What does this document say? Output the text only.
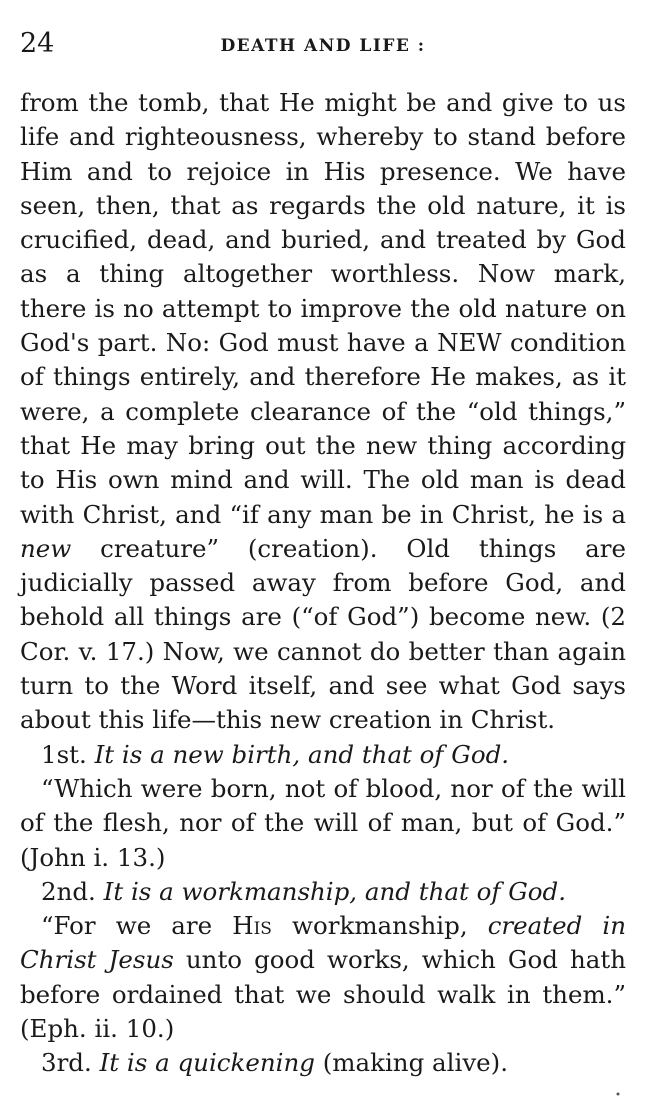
24	DEATH AND LIFE :

from the tomb, that He might be and give to us life and righteousness, whereby to stand before Him and to rejoice in His presence. We have seen, then, that as regards the old nature, it is crucified, dead, and buried, and treated by God as a thing altogether worthless. Now mark, there is no attempt to improve the old nature on God's part. No: God must have a NEW condition of things entirely, and therefore He makes, as it were, a complete clearance of the “old things,” that He may bring out the new thing according to His own mind and will. The old man is dead with Christ, and “if any man be in Christ, he is a new creature” (creation). Old things are judicially passed away from before God, and behold all things are (“of God”) become new. (2 Cor. v. 17.) Now, we cannot do better than again turn to the Word itself, and see what God says about this life—this new creation in Christ.

1st. It is a new birth, and that of God.

“Which were born, not of blood, nor of the will of the flesh, nor of the will of man, but of God.” (John i. 13.)

2nd. It is a workmanship, and that of God.

“For we are His workmanship, created in Christ Jesus unto good works, which God hath before ordained that we should walk in them.” (Eph. ii. 10.)

3rd. It is a quickening (making alive).
